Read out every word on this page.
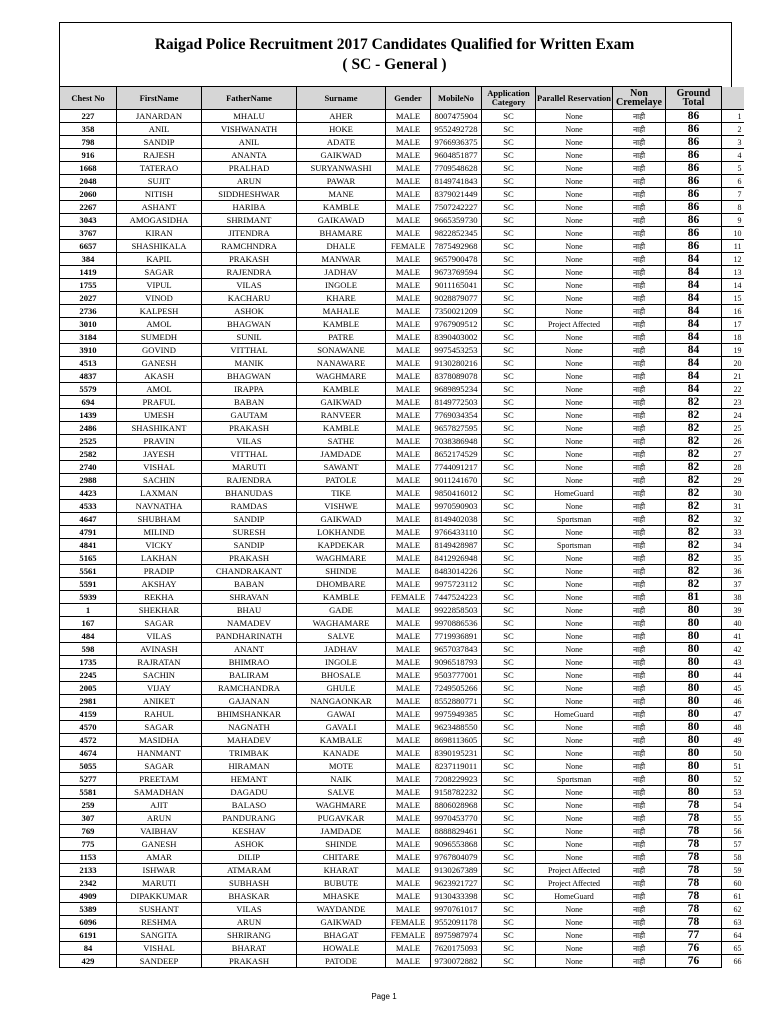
Raigad Police Recruitment 2017 Candidates Qualified for Written Exam
( SC - General )
Chest No	FirstName	FatherName	Surname	Gender	MobileNo	Application Category	Parallel Reservation	Non Cremelaye	Ground Total	
227	JANARDAN	MHALU	AHER	MALE	8007475904	SC	None	नाही	86	1
358	ANIL	VISHWANATH	HOKE	MALE	9552492728	SC	None	नाही	86	2
798	SANDIP	ANIL	ADATE	MALE	9766936375	SC	None	नाही	86	3
916	RAJESH	ANANTA	GAIKWAD	MALE	9604851877	SC	None	नाही	86	4
1668	TATERAO	PRALHAD	SURYANWASHI	MALE	7709548628	SC	None	नाही	86	5
2048	SUJIT	ARUN	PAWAR	MALE	8149741843	SC	None	नाही	86	6
2060	NITISH	SIDDHESHWAR	MANE	MALE	8379021449	SC	None	नाही	86	7
2267	ASHANT	HARIBA	KAMBLE	MALE	7507242227	SC	None	नाही	86	8
3043	AMOGASIDHA	SHRIMANT	GAIKAWAD	MALE	9665359730	SC	None	नाही	86	9
3767	KIRAN	JITENDRA	BHAMARE	MALE	9822852345	SC	None	नाही	86	10
6657	SHASHIKALA	RAMCHNDRA	DHALE	FEMALE	7875492968	SC	None	नाही	86	11
384	KAPIL	PRAKASH	MANWAR	MALE	9657900478	SC	None	नाही	84	12
1419	SAGAR	RAJENDRA	JADHAV	MALE	9673769594	SC	None	नाही	84	13
1755	VIPUL	VILAS	INGOLE	MALE	9011165041	SC	None	नाही	84	14
2027	VINOD	KACHARU	KHARE	MALE	9028879077	SC	None	नाही	84	15
2736	KALPESH	ASHOK	MAHALE	MALE	7350021209	SC	None	नाही	84	16
3010	AMOL	BHAGWAN	KAMBLE	MALE	9767909512	SC	Project Affected	नाही	84	17
3184	SUMEDH	SUNIL	PATRE	MALE	8390403002	SC	None	नाही	84	18
3910	GOVIND	VITTHAL	SONAWANE	MALE	9975453253	SC	None	नाही	84	19
4513	GANESH	MANIK	NANAWARE	MALE	9130280216	SC	None	नाही	84	20
4837	AKASH	BHAGWAN	WAGHMARE	MALE	8378089078	SC	None	नाही	84	21
5579	AMOL	IRAPPA	KAMBLE	MALE	9689895234	SC	None	नाही	84	22
694	PRAFUL	BABAN	GAIKWAD	MALE	8149772503	SC	None	नाही	82	23
1439	UMESH	GAUTAM	RANVEER	MALE	7769034354	SC	None	नाही	82	24
2486	SHASHIKANT	PRAKASH	KAMBLE	MALE	9657827595	SC	None	नाही	82	25
2525	PRAVIN	VILAS	SATHE	MALE	7038386948	SC	None	नाही	82	26
2582	JAYESH	VITTHAL	JAMDADE	MALE	8652174529	SC	None	नाही	82	27
2740	VISHAL	MARUTI	SAWANT	MALE	7744091217	SC	None	नाही	82	28
2988	SACHIN	RAJENDRA	PATOLE	MALE	9011241670	SC	None	नाही	82	29
4423	LAXMAN	BHANUDAS	TIKE	MALE	9850416012	SC	HomeGuard	नाही	82	30
4533	NAVNATHA	RAMDAS	VISHWE	MALE	9970590903	SC	None	नाही	82	31
4647	SHUBHAM	SANDIP	GAIKWAD	MALE	8149402038	SC	Sportsman	नाही	82	32
4791	MILIND	SURESH	LOKHANDE	MALE	9766433110	SC	None	नाही	82	33
4841	VICKY	SANDIP	KAPDEKAR	MALE	8149428987	SC	Sportsman	नाही	82	34
5165	LAKHAN	PRAKASH	WAGHMARE	MALE	8412926948	SC	None	नाही	82	35
5561	PRADIP	CHANDRAKANT	SHINDE	MALE	8483014226	SC	None	नाही	82	36
5591	AKSHAY	BABAN	DHOMBARE	MALE	9975723112	SC	None	नाही	82	37
5939	REKHA	SHRAVAN	KAMBLE	FEMALE	7447524223	SC	None	नाही	81	38
1	SHEKHAR	BHAU	GADE	MALE	9922858503	SC	None	नाही	80	39
167	SAGAR	NAMADEV	WAGHAMARE	MALE	9970886536	SC	None	नाही	80	40
484	VILAS	PANDHARINATH	SALVE	MALE	7719936891	SC	None	नाही	80	41
598	AVINASH	ANANT	JADHAV	MALE	9657037843	SC	None	नाही	80	42
1735	RAJRATAN	BHIMRAO	INGOLE	MALE	9096518793	SC	None	नाही	80	43
2245	SACHIN	BALIRAM	BHOSALE	MALE	9503777001	SC	None	नाही	80	44
2005	VIJAY	RAMCHANDRA	GHULE	MALE	7249505266	SC	None	नाही	80	45
2981	ANIKET	GAJANAN	NANGAONKAR	MALE	8552880771	SC	None	नाही	80	46
4159	RAHUL	BHIMSHANKAR	GAWAI	MALE	9975949385	SC	HomeGuard	नाही	80	47
4570	SAGAR	NAGNATH	GAVALI	MALE	9623488550	SC	None	नाही	80	48
4572	MASIDHA	MAHADEV	KAMBALE	MALE	8698113605	SC	None	नाही	80	49
4674	HANMANT	TRIMBAK	KANADE	MALE	8390195231	SC	None	नाही	80	50
5055	SAGAR	HIRAMAN	MOTE	MALE	8237119011	SC	None	नाही	80	51
5277	PREETAM	HEMANT	NAIK	MALE	7208229923	SC	Sportsman	नाही	80	52
5581	SAMADHAN	DAGADU	SALVE	MALE	9158782232	SC	None	नाही	80	53
259	AJIT	BALASO	WAGHMARE	MALE	8806028968	SC	None	नाही	78	54
307	ARUN	PANDURANG	PUGAVKAR	MALE	9970453770	SC	None	नाही	78	55
769	VAIBHAV	KESHAV	JAMDADE	MALE	8888829461	SC	None	नाही	78	56
775	GANESH	ASHOK	SHINDE	MALE	9096553868	SC	None	नाही	78	57
1153	AMAR	DILIP	CHITARE	MALE	9767804079	SC	None	नाही	78	58
2133	ISHWAR	ATMARAM	KHARAT	MALE	9130267389	SC	Project Affected	नाही	78	59
2342	MARUTI	SUBHASH	BUBUTE	MALE	9623921727	SC	Project Affected	नाही	78	60
4909	DIPAKKUMAR	BHASKAR	MHASKE	MALE	9130433398	SC	HomeGuard	नाही	78	61
5389	SUSHANT	VILAS	WAYDANDE	MALE	9970761017	SC	None	नाही	78	62
6096	RESHMA	ARUN	GAIKWAD	FEMALE	9552091178	SC	None	नाही	78	63
6191	SANGITA	SHRIRANG	BHAGAT	FEMALE	8975987974	SC	None	नाही	77	64
84	VISHAL	BHARAT	HOWALE	MALE	7620175093	SC	None	नाही	76	65
429	SANDEEP	PRAKASH	PATODE	MALE	9730072882	SC	None	नाही	76	66
Page 1
